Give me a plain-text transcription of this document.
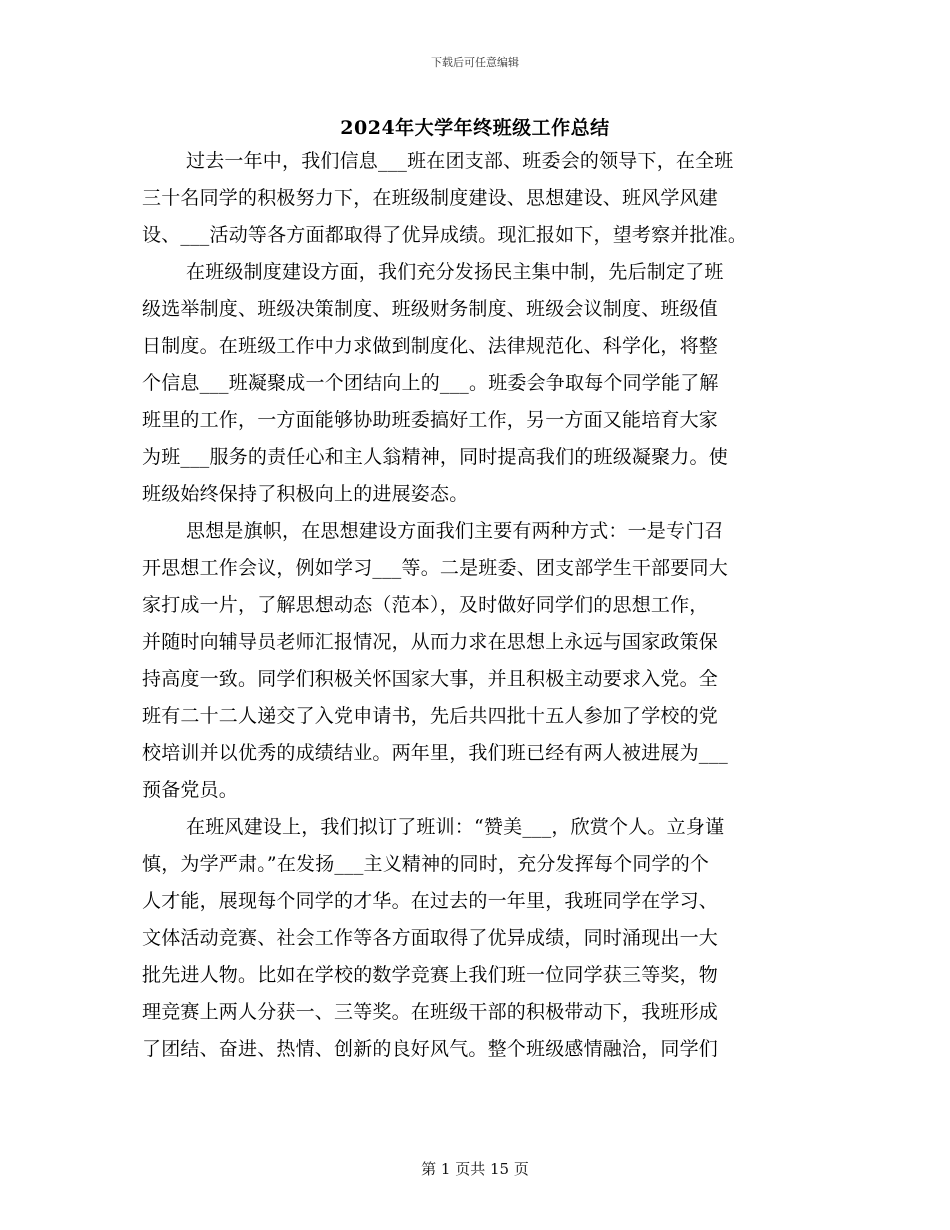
下载后可任意编辑
2024年大学年终班级工作总结
过去一年中，我们信息___班在团支部、班委会的领导下，在全班
三十名同学的积极努力下，在班级制度建设、思想建设、班风学风建
设、___活动等各方面都取得了优异成绩。现汇报如下，望考察并批准。
在班级制度建设方面，我们充分发扬民主集中制，先后制定了班
级选举制度、班级决策制度、班级财务制度、班级会议制度、班级值
日制度。在班级工作中力求做到制度化、法律规范化、科学化，将整
个信息___班凝聚成一个团结向上的___。班委会争取每个同学能了解
班里的工作，一方面能够协助班委搞好工作，另一方面又能培育大家
为班___服务的责任心和主人翁精神，同时提高我们的班级凝聚力。使
班级始终保持了积极向上的进展姿态。
思想是旗帜，在思想建设方面我们主要有两种方式：一是专门召
开思想工作会议，例如学习___等。二是班委、团支部学生干部要同大
家打成一片，了解思想动态（范本），及时做好同学们的思想工作，
并随时向辅导员老师汇报情况，从而力求在思想上永远与国家政策保
持高度一致。同学们积极关怀国家大事，并且积极主动要求入党。全
班有二十二人递交了入党申请书，先后共四批十五人参加了学校的党
校培训并以优秀的成绩结业。两年里，我们班已经有两人被进展为___
预备党员。
在班风建设上，我们拟订了班训：“赞美___，欣赏个人。立身谨
慎，为学严肃。”在发扬___主义精神的同时，充分发挥每个同学的个
人才能，展现每个同学的才华。在过去的一年里，我班同学在学习、
文体活动竞赛、社会工作等各方面取得了优异成绩，同时涌现出一大
批先进人物。比如在学校的数学竞赛上我们班一位同学获三等奖，物
理竞赛上两人分获一、三等奖。在班级干部的积极带动下，我班形成
了团结、奋进、热情、创新的良好风气。整个班级感情融洽，同学们
第 1 页共 15 页
